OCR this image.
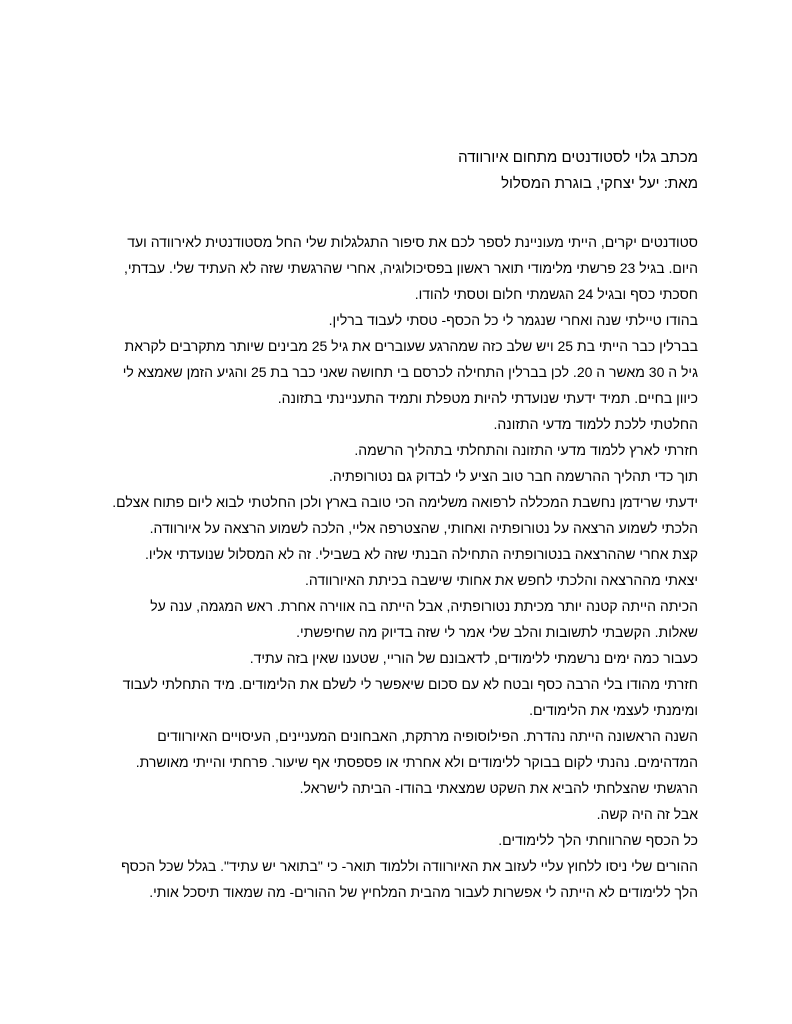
מכתב גלוי לסטודנטים מתחום איורוודה
מאת: יעל יצחקי, בוגרת המסלול
סטודנטים יקרים, הייתי מעוניינת לספר לכם את סיפור התגלגלות שלי החל מסטודנטית לאירוודה ועד
היום. בגיל 23 פרשתי מלימודי תואר ראשון בפסיכולוגיה, אחרי שהרגשתי שזה לא העתיד שלי. עבדתי,
חסכתי כסף ובגיל 24 הגשמתי חלום וטסתי להודו.
בהודו טיילתי שנה ואחרי שנגמר לי כל הכסף- טסתי לעבוד ברלין.
בברלין כבר הייתי בת 25 ויש שלב כזה שמהרגע שעוברים את גיל 25 מבינים שיותר מתקרבים לקראת
גיל ה 30 מאשר ה 20. לכן בברלין התחילה לכרסם בי תחושה שאני כבר בת 25 והגיע הזמן שאמצא לי
כיוון בחיים. תמיד ידעתי שנועדתי להיות מטפלת ותמיד התעניינתי בתזונה.
החלטתי ללכת ללמוד מדעי התזונה.
חזרתי לארץ ללמוד מדעי התזונה והתחלתי בתהליך הרשמה.
תוך כדי תהליך ההרשמה חבר טוב הציע לי לבדוק גם נטורופתיה.
ידעתי שרידמן נחשבת המכללה לרפואה משלימה הכי טובה בארץ ולכן החלטתי לבוא ליום פתוח אצלם.
הלכתי לשמוע הרצאה על נטורופתיה ואחותי, שהצטרפה אליי, הלכה לשמוע הרצאה על איורוודה.
קצת אחרי שההרצאה בנטורופתיה התחילה הבנתי שזה לא בשבילי. זה לא המסלול שנועדתי אליו.
יצאתי מההרצאה והלכתי לחפש את אחותי שישבה בכיתת האיורוודה.
הכיתה הייתה קטנה יותר מכיתת נטורופתיה, אבל הייתה בה אווירה אחרת. ראש המגמה, ענה על
שאלות. הקשבתי לתשובות והלב שלי אמר לי שזה בדיוק מה שחיפשתי.
כעבור כמה ימים נרשמתי ללימודים, לדאבונם של הוריי, שטענו שאין בזה עתיד.
חזרתי מהודו בלי הרבה כסף ובטח לא עם סכום שיאפשר לי לשלם את הלימודים. מיד התחלתי לעבוד
ומימנתי לעצמי את הלימודים.
השנה הראשונה הייתה נהדרת. הפילוסופיה מרתקת, האבחונים המעניינים, העיסויים האיורוודים
המדהימים. נהנתי לקום בבוקר ללימודים ולא אחרתי או פספסתי אף שיעור. פרחתי והייתי מאושרת.
הרגשתי שהצלחתי להביא את השקט שמצאתי בהודו- הביתה לישראל.
אבל זה היה קשה.
כל הכסף שהרווחתי הלך ללימודים.
ההורים שלי ניסו ללחוץ עליי לעזוב את האיורוודה וללמוד תואר- כי "בתואר יש עתיד". בגלל שכל הכסף
הלך ללימודים לא הייתה לי אפשרות לעבור מהבית המלחיץ של ההורים- מה שמאוד תיסכל אותי.
